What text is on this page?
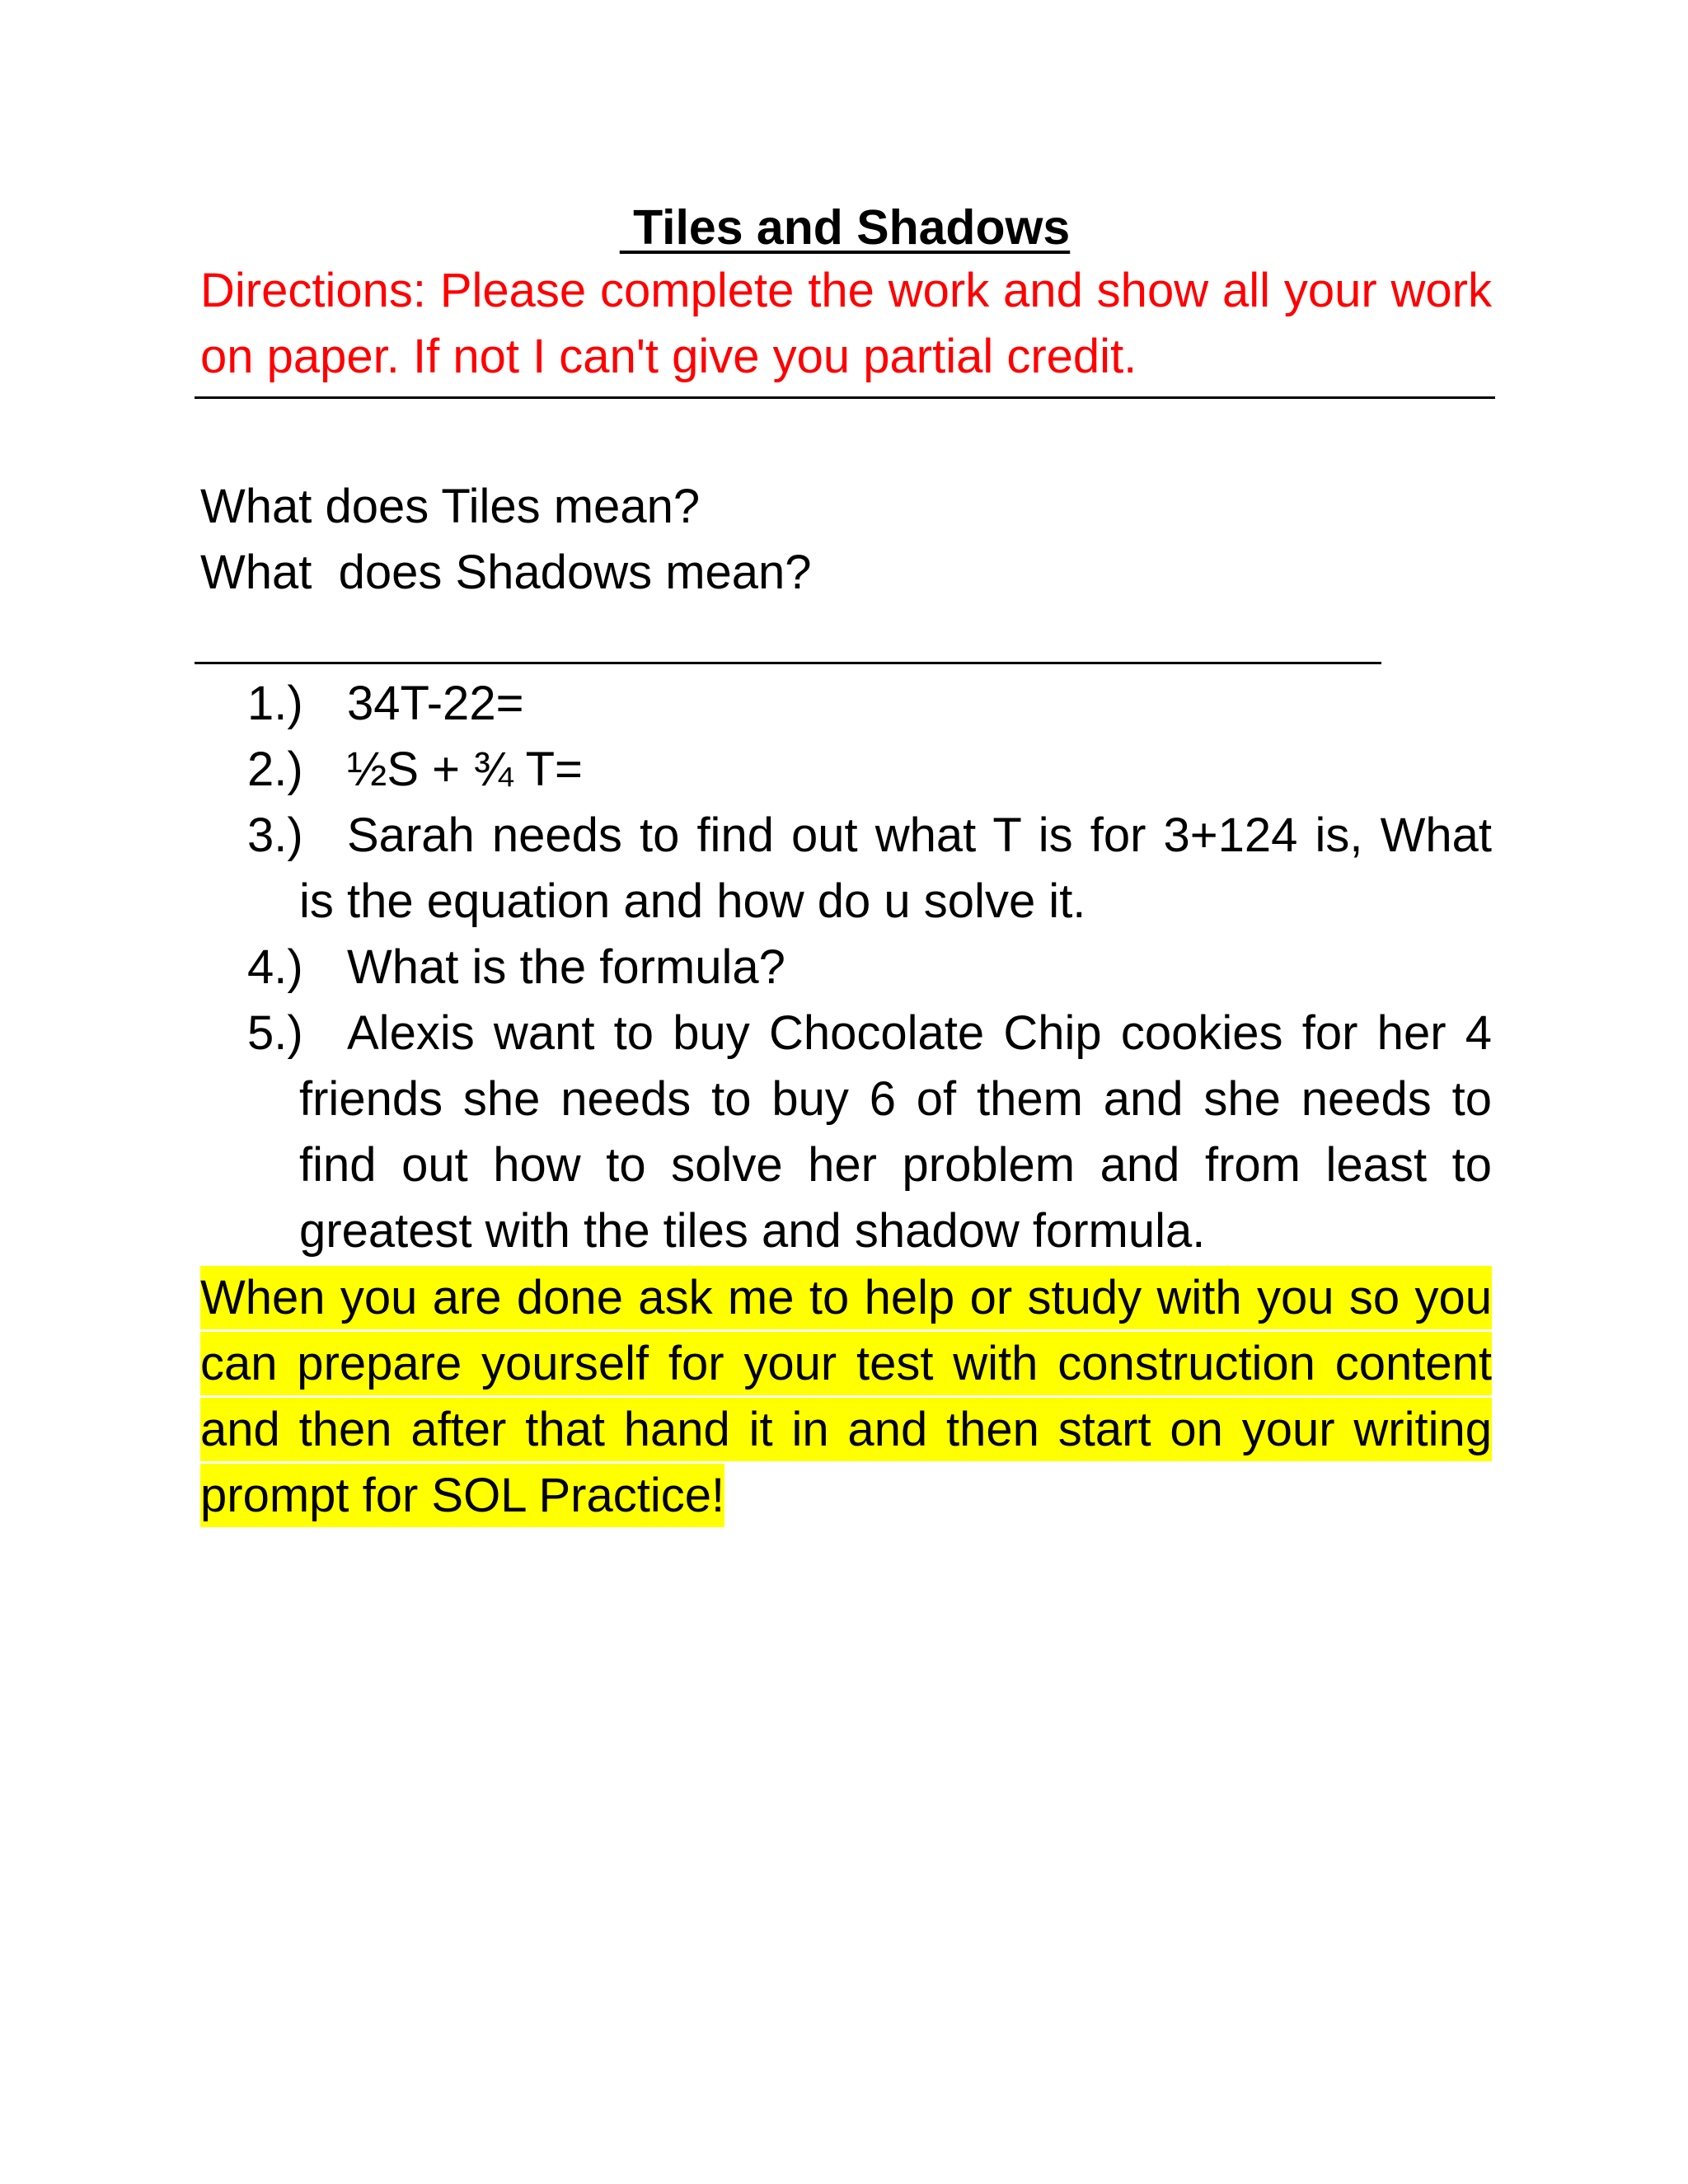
Tiles and Shadows
Directions: Please complete the work and show all your work on paper. If not I can't give you partial credit.
What does Tiles mean?
What  does Shadows mean?
1.) 34T-22=
2.) ½S + ¾ T=
3.) Sarah needs to find out what T is for 3+124 is, What is the equation and how do u solve it.
4.) What is the formula?
5.) Alexis want to buy Chocolate Chip cookies for her 4 friends she needs to buy 6 of them and she needs to find out how to solve her problem and from least to greatest with the tiles and shadow formula.
When you are done ask me to help or study with you so you can prepare yourself for your test with construction content and then after that hand it in and then start on your writing prompt for SOL Practice!
